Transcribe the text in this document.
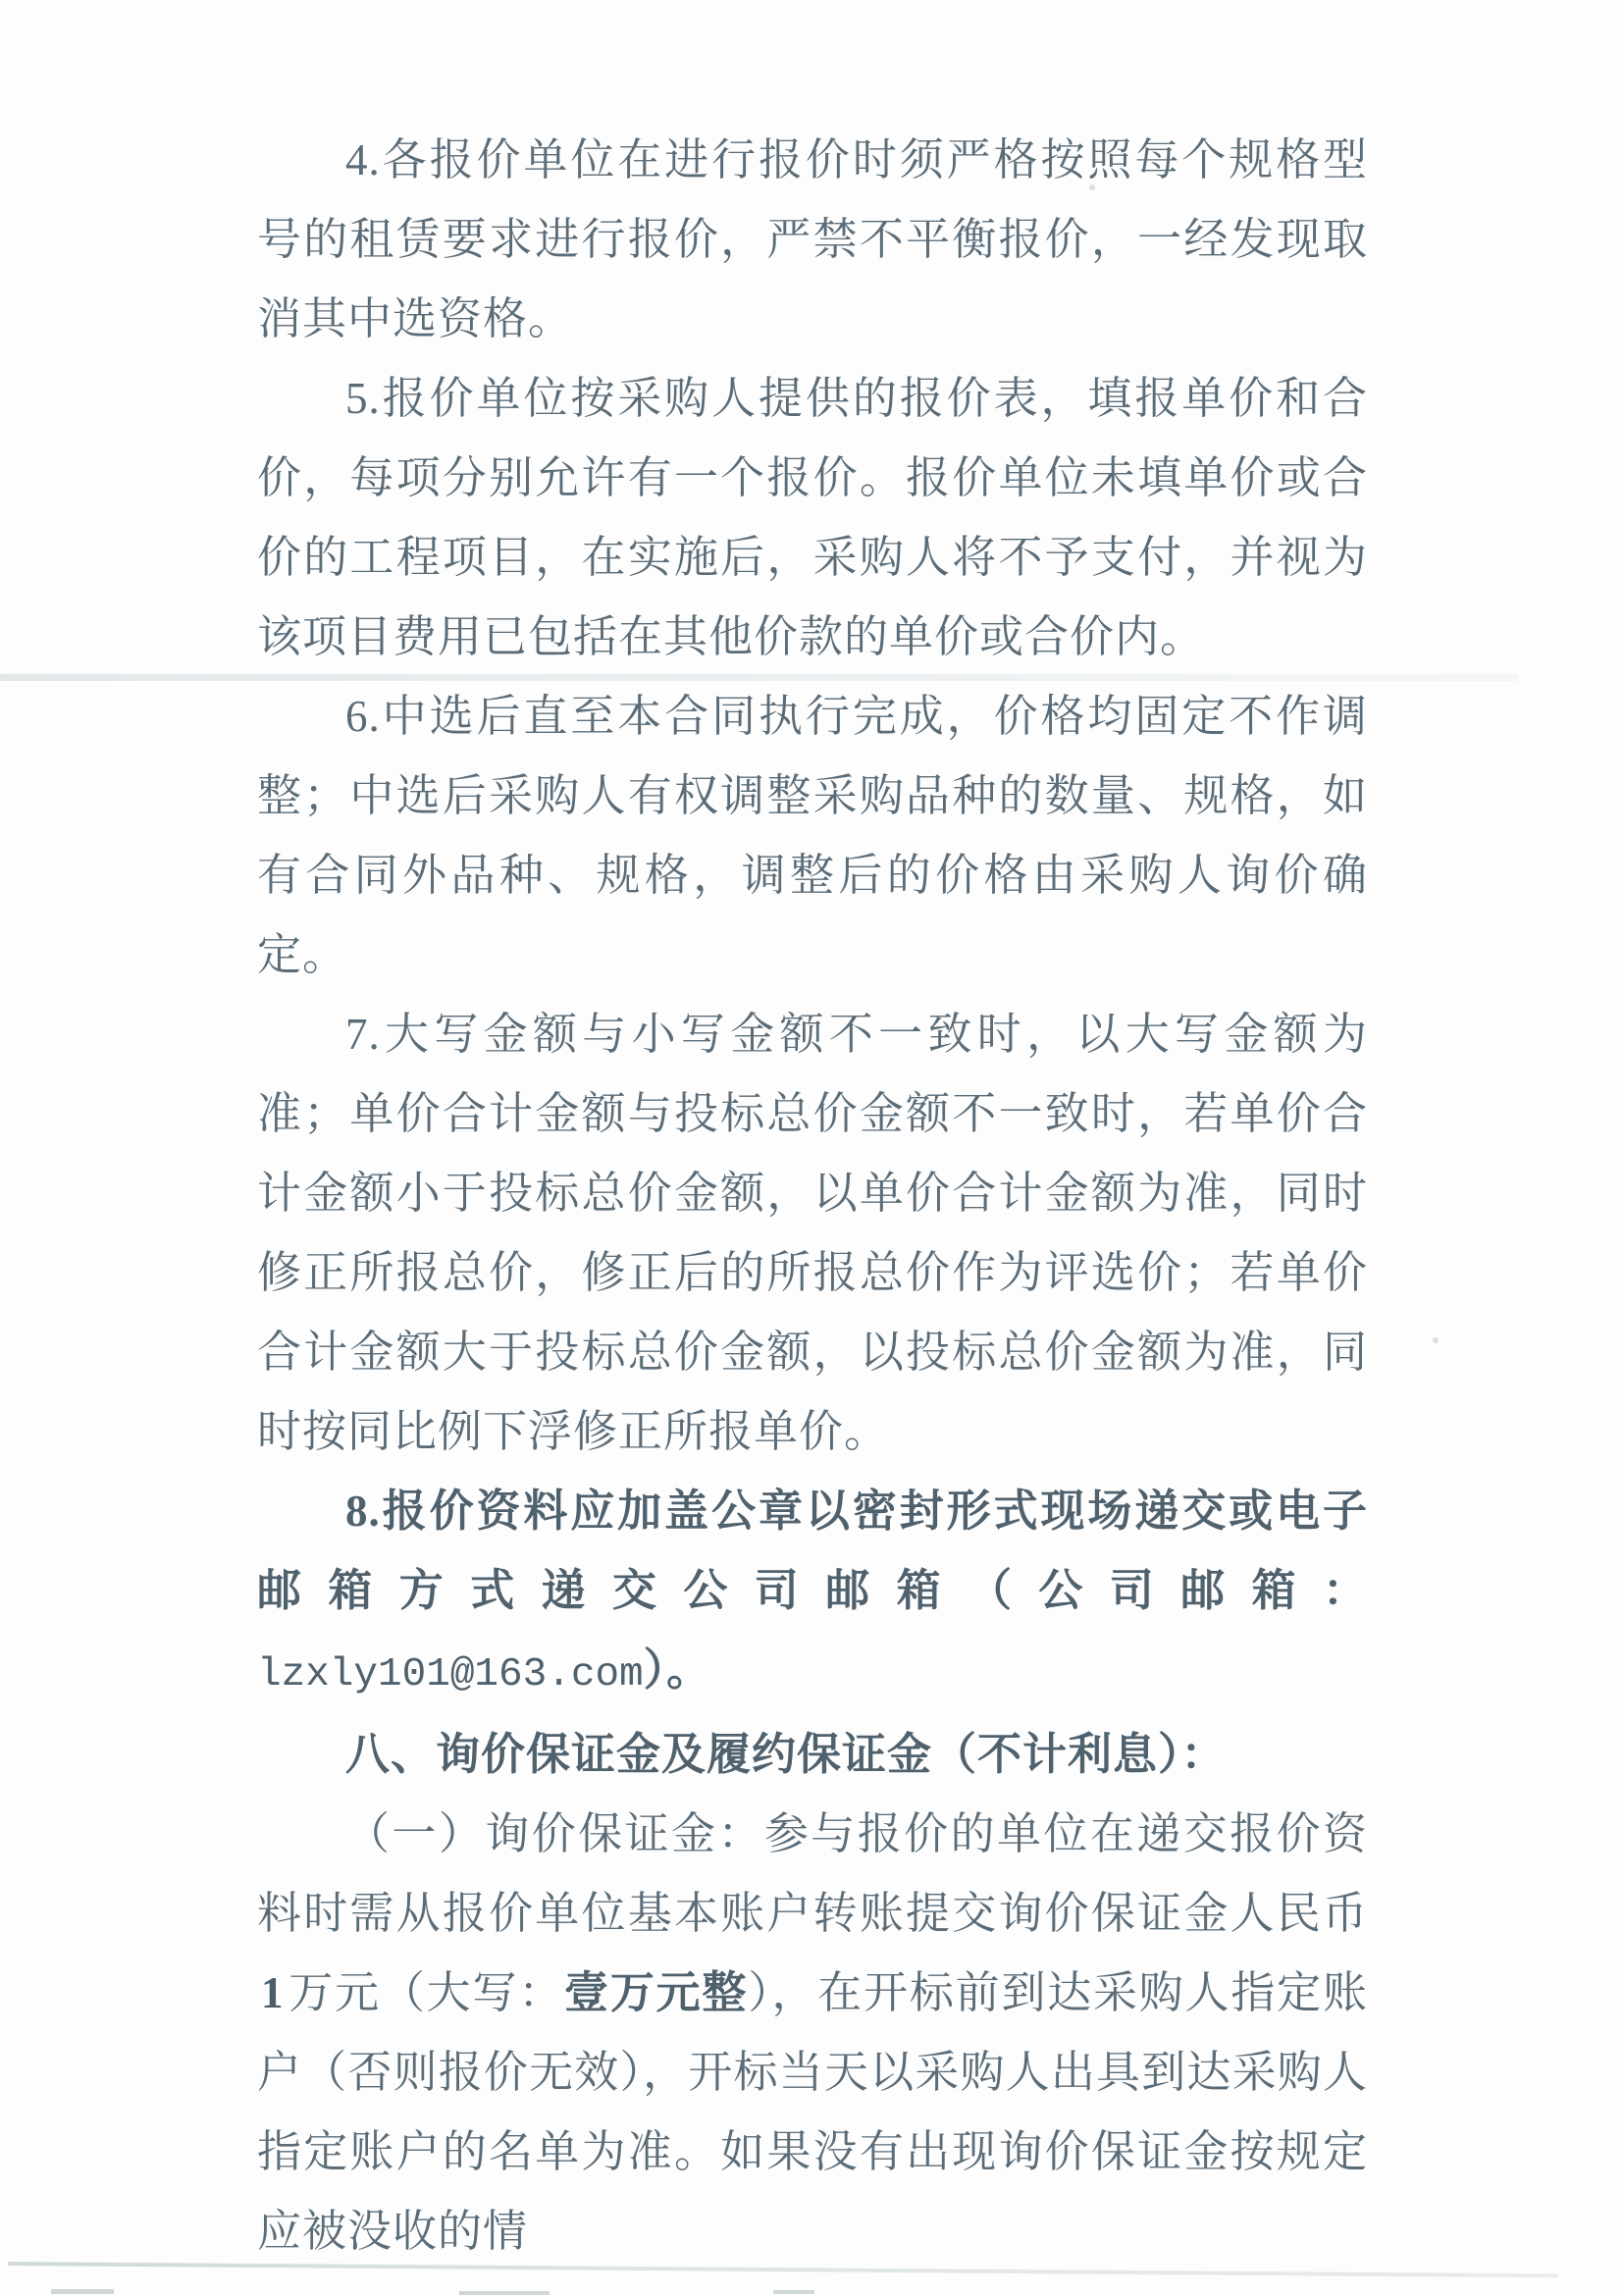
4.各报价单位在进行报价时须严格按照每个规格型号的租赁要求进行报价，严禁不平衡报价，一经发现取消其中选资格。

5.报价单位按采购人提供的报价表，填报单价和合价，每项分别允许有一个报价。报价单位未填单价或合价的工程项目，在实施后，采购人将不予支付，并视为该项目费用已包括在其他价款的单价或合价内。

6.中选后直至本合同执行完成，价格均固定不作调整；中选后采购人有权调整采购品种的数量、规格，如有合同外品种、规格，调整后的价格由采购人询价确定。

7.大写金额与小写金额不一致时，以大写金额为准；单价合计金额与投标总价金额不一致时，若单价合计金额小于投标总价金额，以单价合计金额为准，同时修正所报总价，修正后的所报总价作为评选价；若单价合计金额大于投标总价金额，以投标总价金额为准，同时按同比例下浮修正所报单价。

8.报价资料应加盖公章以密封形式现场递交或电子邮箱方式递交公司邮箱（公司邮箱：lzxly101@163.com）。

八、询价保证金及履约保证金（不计利息）：

（一）询价保证金：参与报价的单位在递交报价资料时需从报价单位基本账户转账提交询价保证金人民币1万元（大写：壹万元整），在开标前到达采购人指定账户（否则报价无效），开标当天以采购人出具到达采购人指定账户的名单为准。如果没有出现询价保证金按规定应被没收的情
